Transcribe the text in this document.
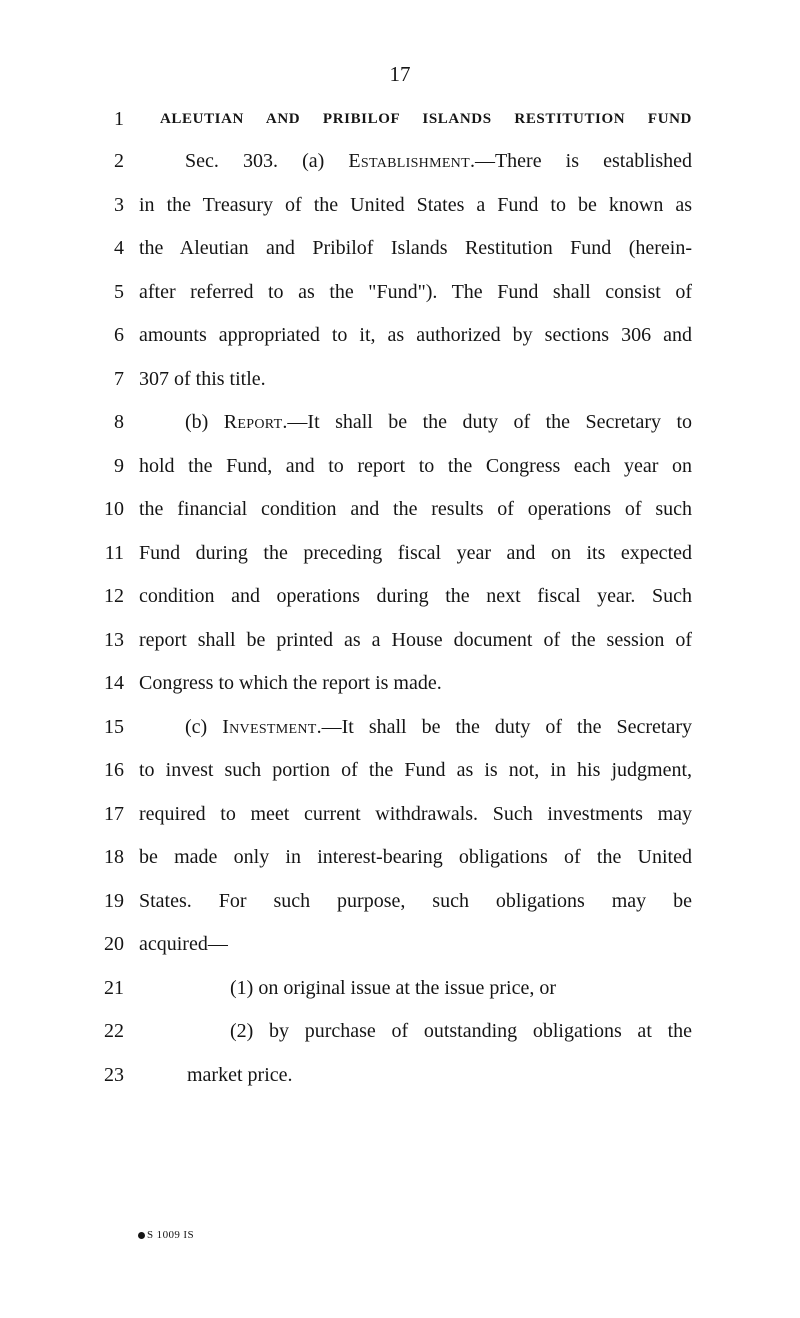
17
1 ALEUTIAN AND PRIBILOF ISLANDS RESTITUTION FUND
2	Sec. 303. (a) Establishment.—There is established
3 in the Treasury of the United States a Fund to be known as
4 the Aleutian and Pribilof Islands Restitution Fund (herein-
5 after referred to as the "Fund"). The Fund shall consist of
6 amounts appropriated to it, as authorized by sections 306 and
7 307 of this title.
8	(b) Report.—It shall be the duty of the Secretary to
9 hold the Fund, and to report to the Congress each year on
10 the financial condition and the results of operations of such
11 Fund during the preceding fiscal year and on its expected
12 condition and operations during the next fiscal year. Such
13 report shall be printed as a House document of the session of
14 Congress to which the report is made.
15	(c) Investment.—It shall be the duty of the Secretary
16 to invest such portion of the Fund as is not, in his judgment,
17 required to meet current withdrawals. Such investments may
18 be made only in interest-bearing obligations of the United
19 States. For such purpose, such obligations may be
20 acquired—
21	(1) on original issue at the issue price, or
22	(2) by purchase of outstanding obligations at the
23	market price.
S 1009 IS
